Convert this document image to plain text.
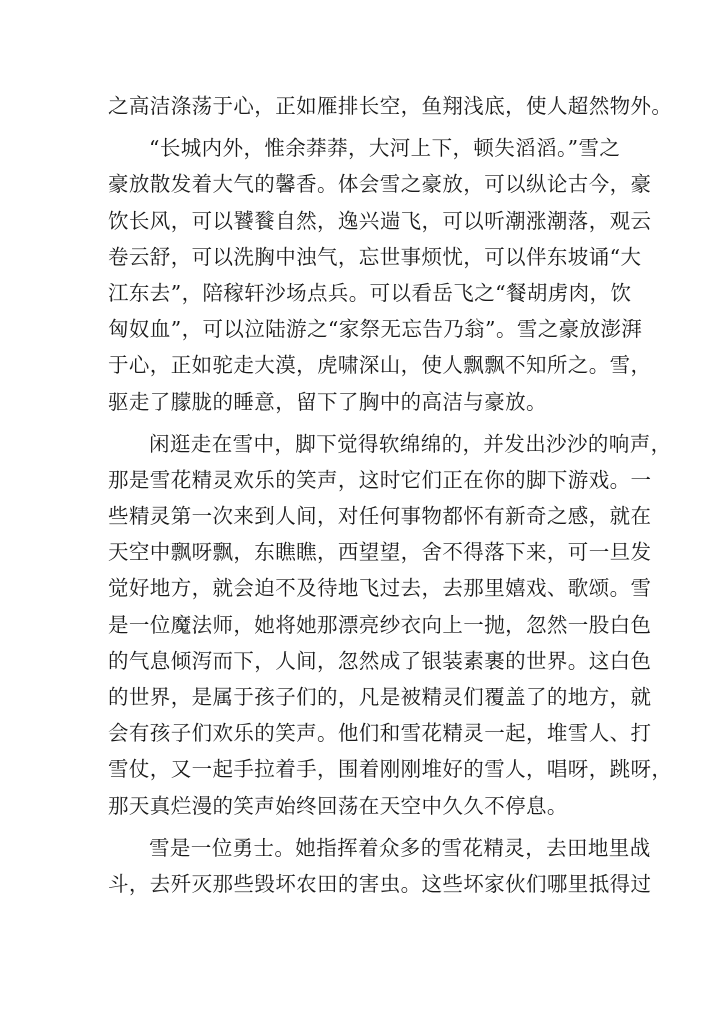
之高洁涤荡于心，正如雁排长空，鱼翔浅底，使人超然物外。
“长城内外，惟余莽莽，大河上下，顿失滔滔。”雪之
豪放散发着大气的馨香。体会雪之豪放，可以纵论古今，豪
饮长风，可以饕餮自然，逸兴遄飞，可以听潮涨潮落，观云
卷云舒，可以洗胸中浊气，忘世事烦忧，可以伴东坡诵“大
江东去”，陪稼轩沙场点兵。可以看岳飞之“餐胡虏肉，饮
匈奴血”，可以泣陆游之“家祭无忘告乃翁”。雪之豪放澎湃
于心，正如驼走大漠，虎啸深山，使人飘飘不知所之。雪，
驱走了朦胧的睡意，留下了胸中的高洁与豪放。
闲逛走在雪中，脚下觉得软绵绵的，并发出沙沙的响声，
那是雪花精灵欢乐的笑声，这时它们正在你的脚下游戏。一
些精灵第一次来到人间，对任何事物都怀有新奇之感，就在
天空中飘呀飘，东瞧瞧，西望望，舍不得落下来，可一旦发
觉好地方，就会迫不及待地飞过去，去那里嬉戏、歌颂。雪
是一位魔法师，她将她那漂亮纱衣向上一抛，忽然一股白色
的气息倾泻而下，人间，忽然成了银装素裹的世界。这白色
的世界，是属于孩子们的，凡是被精灵们覆盖了的地方，就
会有孩子们欢乐的笑声。他们和雪花精灵一起，堆雪人、打
雪仗，又一起手拉着手，围着刚刚堆好的雪人，唱呀，跳呀，
那天真烂漫的笑声始终回荡在天空中久久不停息。
雪是一位勇士。她指挥着众多的雪花精灵，去田地里战
斗，去歼灭那些毁坏农田的害虫。这些坏家伙们哪里抵得过
